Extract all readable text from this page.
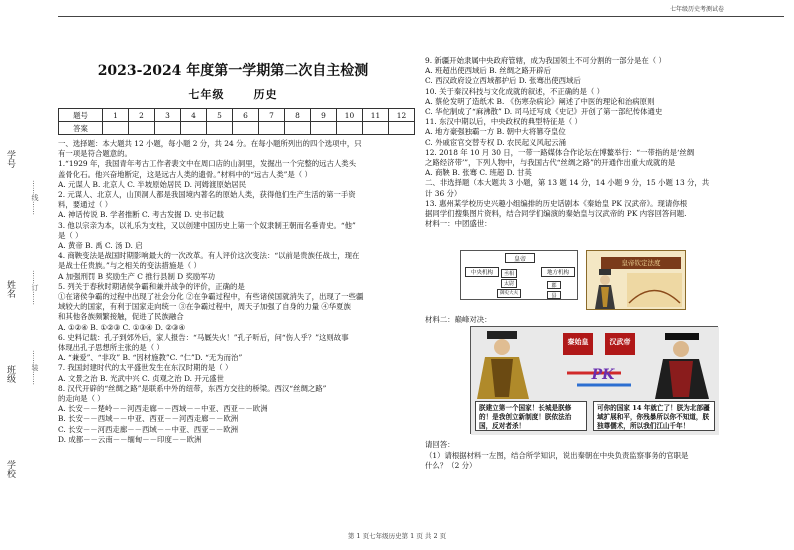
七年级历史考测试卷
学号
姓名
班级
学校
……线……
……订……
……装……
2023-2024 年度第一学期第二次自主检测
七年级	历史
题号	1	2	3	4	5	6	7	8	9	10	11	12
答案												

一、选择题：本大题共 12 小题，每小题 2 分，共 24 分。在每小题所列出的四个选项中，只

有一项是符合题意的。

1.“1929 年，我国青年考古工作者裴文中在周口店的山洞里，发掘出一个完整的远古人类头

盖骨化石。他兴奋地断定，这是远古人类的遗骨。”材料中的“远古人类”是（ ）

A. 元谋人 B. 北京人 C. 半坡原始居民 D. 河姆渡原始居民

2. 元谋人、北京人，山顶洞人都是我国境内著名的原始人类，获得他们生产生活的第一手资

料，要通过（ ）

A. 神话传说 B. 学者推断 C. 考古发掘 D. 史书记载

3. 他以宗亲为本，以礼乐为支柱，又以创建中国历史上第一个奴隶制王朝而名垂青史。“他”

是（ ）

A. 黄帝 B. 禹 C. 汤 D. 启

4. 商鞅变法是战国时期影响最大的一次改革。有人评价这次变法：“以前是贵族任战士，现在

是战士任贵族。”与之相关的变法措施是（ ）

A 加强刑罚 B 奖励生产 C 推行县制 D 奖励军功

5. 列关于春秋时期诸侯争霸和兼并战争的评价，正确的是

①在诸侯争霸的过程中出现了社会分化 ②在争霸过程中，有些诸侯国就消失了，出现了一些疆

域较大的国家，有利于国家走向统一 ③在争霸过程中，周天子加强了自身的力量 ④华夏族

和其他各族频繁接触，促进了民族融合

A. ①②④ B. ①②③ C. ①③④ D. ②③④

6. 史料记载：孔子到郊外后，家人报告：“马厩失火！”孔子听后，问“伤人乎？”这则故事

体现出孔子思想所主张的是（ ）

A. “兼爱”、“非攻” B. “因材施教”C. “仁”D. “无为而治”

7. 我国封建时代的太平盛世发生在东汉时期的是（ ）

A. 文景之治 B. 光武中兴 C. 贞观之治 D. 开元盛世

8. 汉代开辟的“丝绸之路”是联系中外的纽带，东西方交往的桥梁。西汉“丝绸之路”

的走向是（ ）

A. 长安－－楚岭－－河西走廊－－西域－－中亚、西亚－－欧洲

B. 长安－－西域－－中亚、西亚－－河西走廊－－欧洲

C. 长安－－河西走廊－－西域－－中亚、西亚－－欧洲

D. 成都－－云南－－缅甸－－印度－－欧洲

9. 新疆开始隶属中央政府管辖，成为我国领土不可分割的一部分是在（ ）

A. 班超出使西域后 B. 丝绸之路开辟后

C. 西汉政府设立西域都护后 D. 张骞出使西域后

10. 关于秦汉科技与文化成就的叙述，不正确的是（ ）

A. 蔡伦发明了造纸术 B. 《伤寒杂病论》阐述了中医的理论和治病原则

C. 华佗制成了“麻沸散” D. 司马迁写成《史记》开创了第一部纪传体通史

11. 东汉中期以后，中央政权的典型特征是（ ）

A. 地方豪强独霸一方 B. 朝中大将篡夺皇位

C. 外戚宦官交替专权 D. 农民起义风起云涌

12. 2018 年 10 月 30 日，一带一路媒体合作论坛在博鳌举行：“一带指的是‘丝绸

之路经济带’”，下列人物中，与我国古代“丝绸之路”的开通作出重大成就的是

A. 商鞅 B. 张骞 C. 班超 D. 甘英

二、非选择题（本大题共 3 小题，第 13 题 14 分，14 小题 9 分，15 小题 13 分，共

计 36 分）

13. 惠州某学校历史兴趣小组编排的历史话剧本《秦始皇 PK 汉武帝》。现请你根

据同学们搜集图片资料，结合同学们编演的秦始皇与汉武帝的 PK 内容回答问题.

材料一：中团盛世：

皇帝
中央机构	地方机构
丞相
太尉
御史大夫
郡
县
皇帝钦定法度
材料二：巅峰对决：
秦始皇	汉武帝
PK
朕建立第一个国家！长城是朕修的！是我创立新制度！朕依法治国，反对者杀！
可你的国家 14 年就亡了！朕为北部疆域扩展和平，你残暴所以你不知道，朕独尊儒术，所以我们江山千年！

请回答：

（1）请根据材料一左图，结合所学知识，说出秦朝在中央负责监察事务的官职是

什么？（2 分）

第 1 页七年级历史第 1 页 共 2 页
